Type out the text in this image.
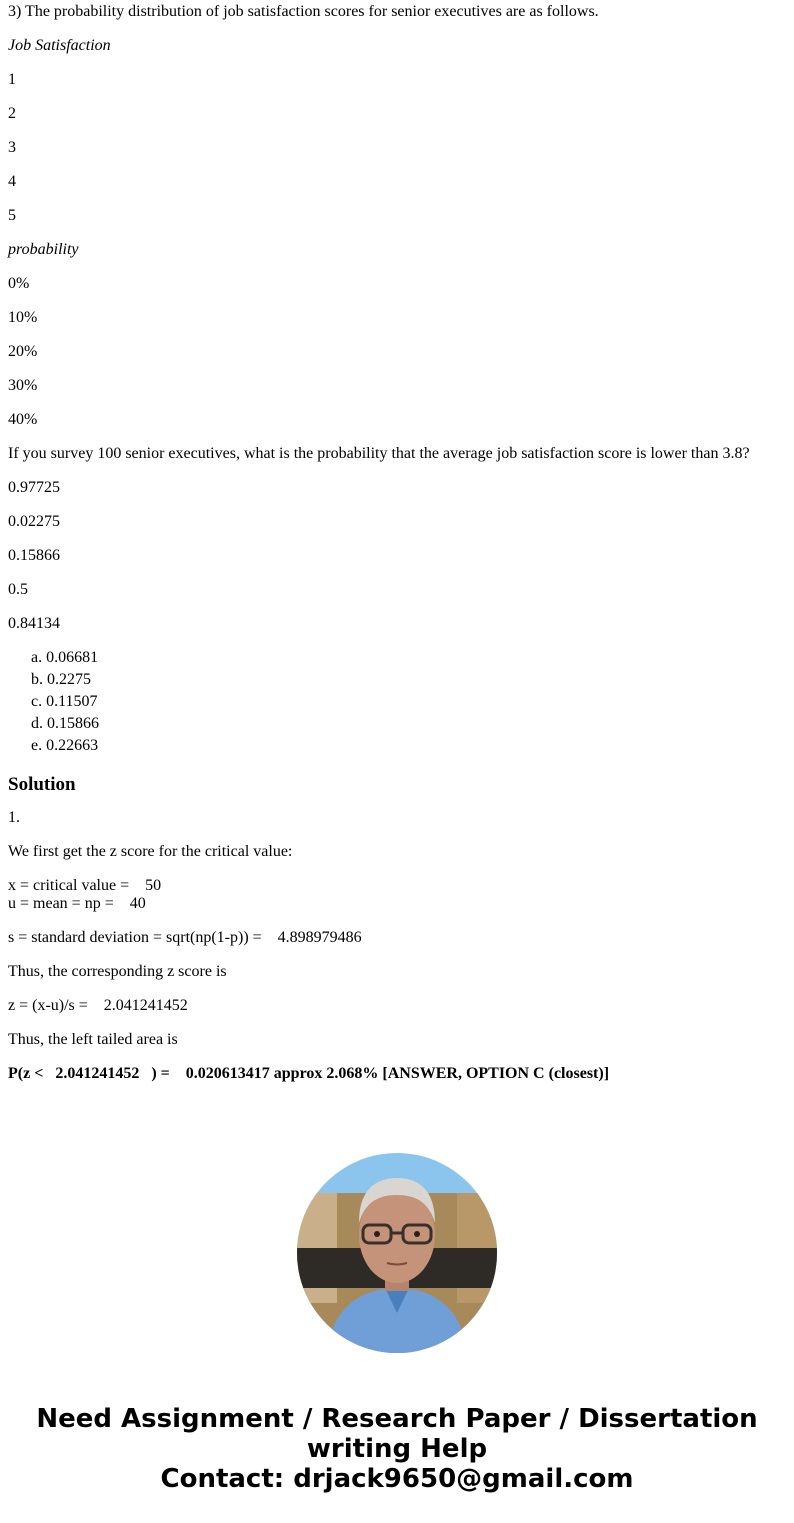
3) The probability distribution of job satisfaction scores for senior executives are as follows.

Job Satisfaction

1

2

3

4

5

probability

0%

10%

20%

30%

40%

If you survey 100 senior executives, what is the probability that the average job satisfaction score is lower than 3.8?

0.97725

0.02275

0.15866

0.5

0.84134

a. 0.06681
b. 0.2275
c. 0.11507
d. 0.15866
e. 0.22663
Solution

1.

We first get the z score for the critical value:

x = critical value =    50
u = mean = np =    40

s = standard deviation = sqrt(np(1-p)) =    4.898979486

Thus, the corresponding z score is

z = (x-u)/s =    2.041241452

Thus, the left tailed area is

P(z <   2.041241452   ) =    0.020613417 approx 2.068% [ANSWER, OPTION C (closest)]

Need Assignment / Research Paper / Dissertation
writing Help
Contact: drjack9650@gmail.com
